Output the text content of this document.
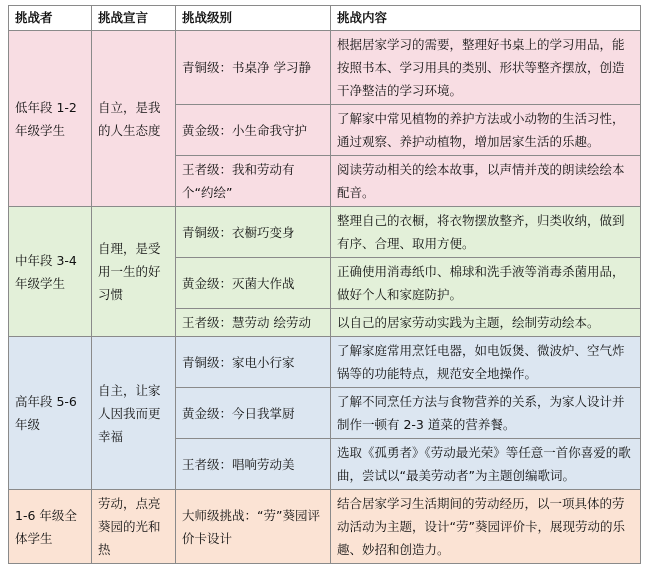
挑战者	挑战宣言	挑战级别	挑战内容
低年段 1-2 年级学生	自立，是我的人生态度	青铜级：书桌净 学习静	根据居家学习的需要，整理好书桌上的学习用品，能按照书本、学习用具的类别、形状等整齐摆放，创造干净整洁的学习环境。
		黄金级：小生命我守护	了解家中常见植物的养护方法或小动物的生活习性，通过观察、养护动植物，增加居家生活的乐趣。
		王者级：我和劳动有个“约绘”	阅读劳动相关的绘本故事，以声情并茂的朗读绘绘本配音。
中年段 3-4 年级学生	自理，是受用一生的好习惯	青铜级：衣橱巧变身	整理自己的衣橱，将衣物摆放整齐，归类收纳，做到有序、合理、取用方便。
		黄金级：灭菌大作战	正确使用消毒纸巾、棉球和洗手液等消毒杀菌用品，做好个人和家庭防护。
		王者级：慧劳动 绘劳动	以自己的居家劳动实践为主题，绘制劳动绘本。
高年段 5-6 年级	自主，让家人因我而更幸福	青铜级：家电小行家	了解家庭常用烹饪电器，如电饭煲、微波炉、空气炸锅等的功能特点，规范安全地操作。
		黄金级：今日我掌厨	了解不同烹任方法与食物营养的关系，为家人设计并制作一顿有 2-3 道菜的营养餐。
		王者级：唱响劳动美	选取《孤勇者》《劳动最光荣》等任意一首你喜爱的歌曲，尝试以“最美劳动者”为主题创编歌词。
1-6 年级全体学生	劳动，点亮葵园的光和热	大师级挑战：“劳”葵园评价卡设计	结合居家学习生活期间的劳动经历，以一项具体的劳动活动为主题，设计“劳”葵园评价卡，展现劳动的乐趣、妙招和创造力。
